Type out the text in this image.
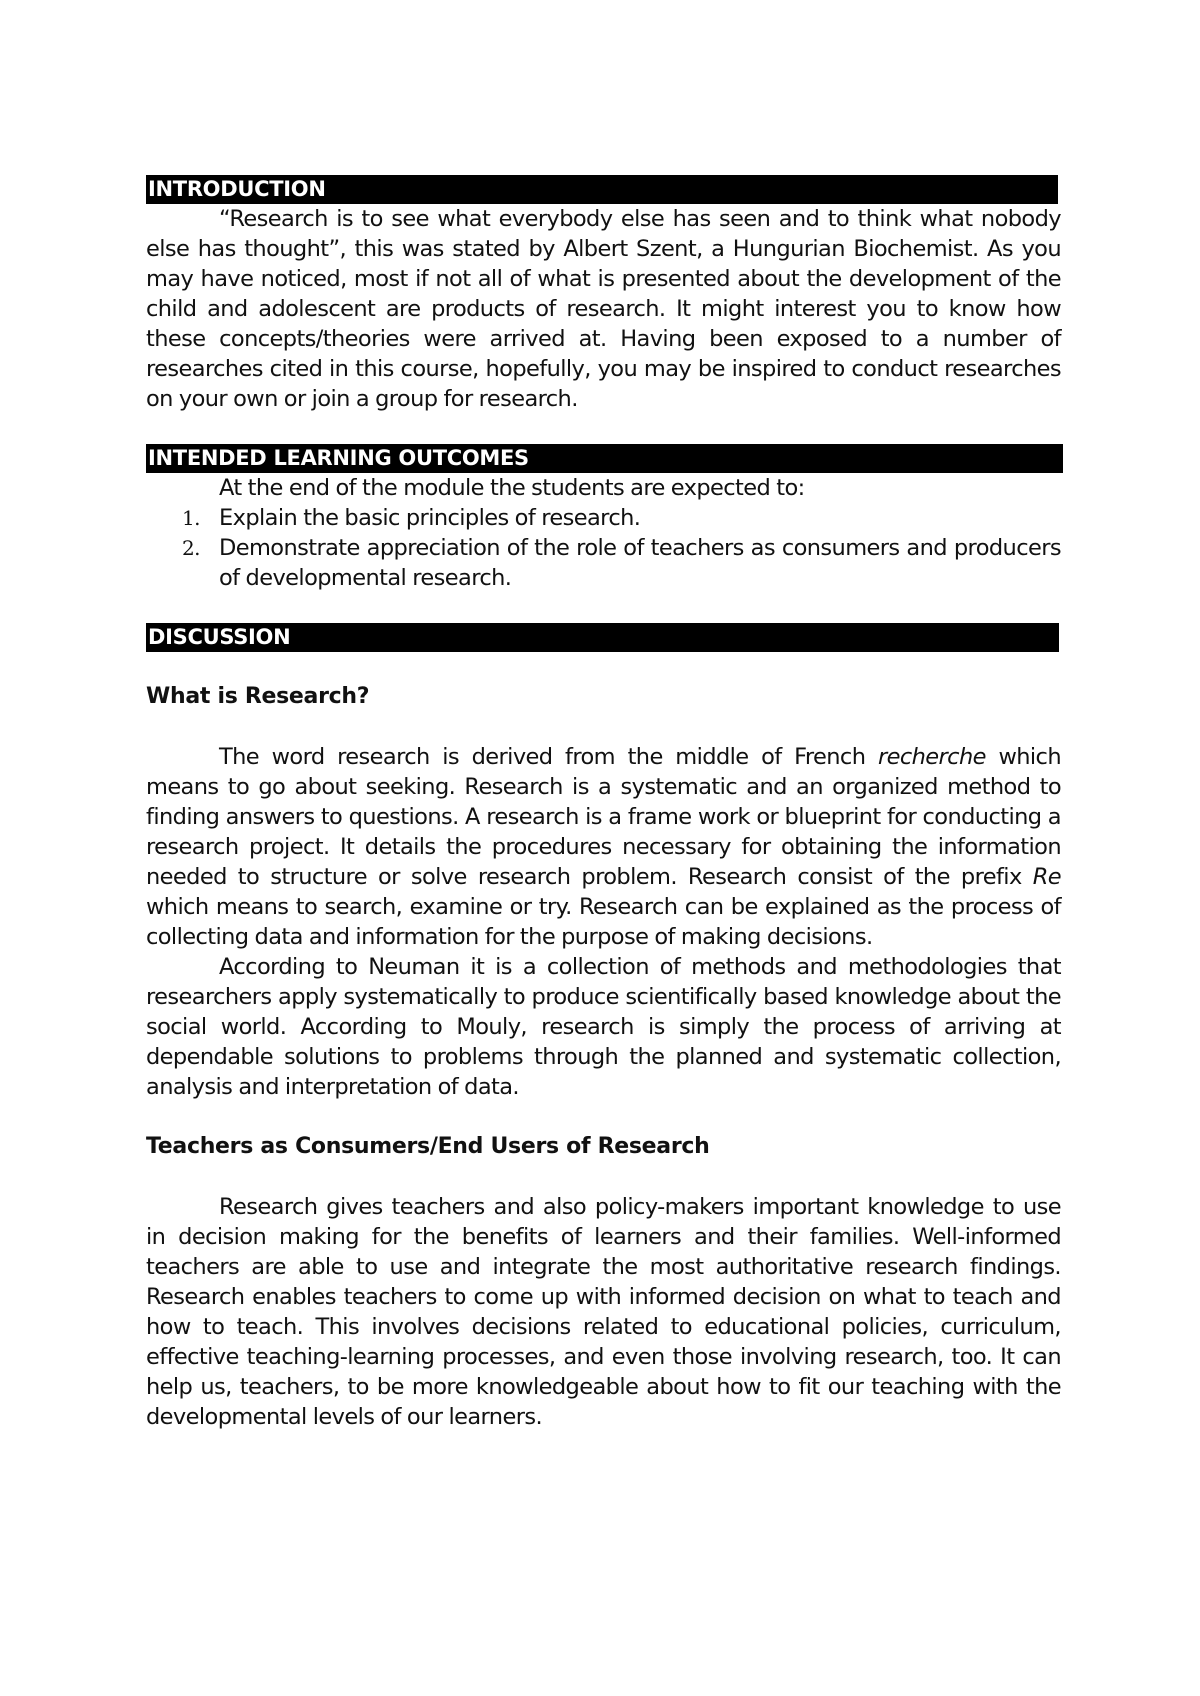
INTRODUCTION

“Research is to see what everybody else has seen and to think what nobody else has thought”, this was stated by Albert Szent, a Hungurian Biochemist. As you may have noticed, most if not all of what is presented about the development of the child and adolescent are products of research. It might interest you to know how these concepts/theories were arrived at. Having been exposed to a number of researches cited in this course, hopefully, you may be inspired to conduct researches on your own or join a group for research.

INTENDED LEARNING OUTCOMES

At the end of the module the students are expected to:

1. Explain the basic principles of research.
2. Demonstrate appreciation of the role of teachers as consumers and producers of developmental research.
DISCUSSION
What is Research?

The word research is derived from the middle of French recherche which means to go about seeking. Research is a systematic and an organized method to finding answers to questions. A research is a frame work or blueprint for conducting a research project. It details the procedures necessary for obtaining the information needed to structure or solve research problem. Research consist of the prefix Re which means to search, examine or try. Research can be explained as the process of collecting data and information for the purpose of making decisions.

According to Neuman it is a collection of methods and methodologies that researchers apply systematically to produce scientifically based knowledge about the social world. According to Mouly, research is simply the process of arriving at dependable solutions to problems through the planned and systematic collection, analysis and interpretation of data.

Teachers as Consumers/End Users of Research

Research gives teachers and also policy-makers important knowledge to use in decision making for the benefits of learners and their families. Well-informed teachers are able to use and integrate the most authoritative research findings. Research enables teachers to come up with informed decision on what to teach and how to teach. This involves decisions related to educational policies, curriculum, effective teaching-learning processes, and even those involving research, too. It can help us, teachers, to be more knowledgeable about how to fit our teaching with the developmental levels of our learners.
